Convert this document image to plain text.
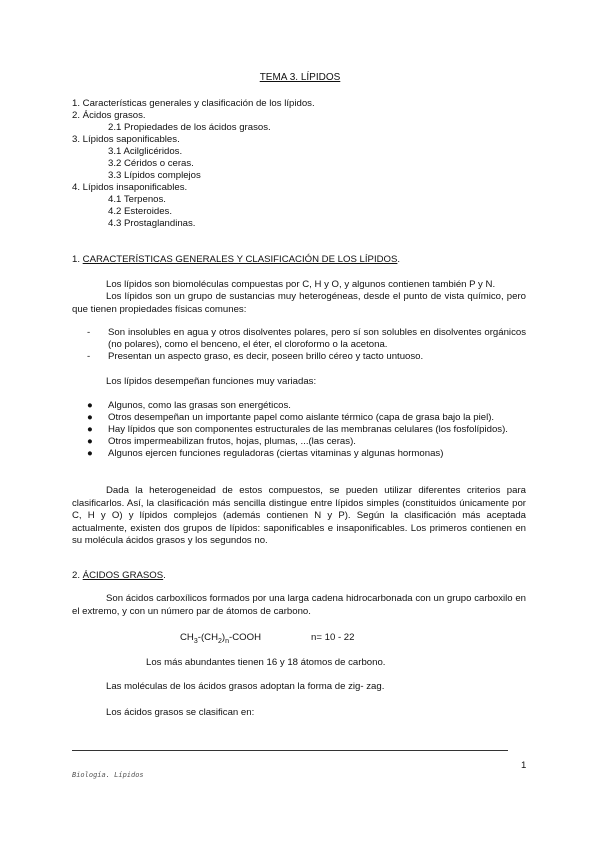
TEMA 3. LÍPIDOS
1. Características generales y clasificación de los lípidos.
2. Ácidos grasos.
2.1 Propiedades de los ácidos grasos.
3. Lípidos saponificables.
3.1 Acilglicéridos.
3.2 Céridos o ceras.
3.3 Lípidos complejos
4. Lípidos insaponificables.
4.1 Terpenos.
4.2 Esteroides.
4.3 Prostaglandinas.
1. CARACTERÍSTICAS GENERALES Y CLASIFICACIÓN DE LOS LÍPIDOS.
Los lípidos son biomoléculas compuestas por C, H y O, y algunos contienen también P y N.
Los lípidos son un grupo de sustancias muy heterogéneas, desde el punto de vista químico, pero que tienen propiedades físicas comunes:
- Son insolubles en agua y otros disolventes polares, pero sí son solubles en disolventes orgánicos (no polares), como el benceno, el éter, el cloroformo o la acetona.
- Presentan un aspecto graso, es decir, poseen brillo céreo y tacto untuoso.
Los lípidos desempeñan funciones muy variadas:
● Algunos, como las grasas son energéticos.
● Otros desempeñan un importante papel como aislante térmico (capa de grasa bajo la piel).
● Hay lípidos que son componentes estructurales de las membranas celulares (los fosfolípidos).
● Otros impermeabilizan frutos, hojas, plumas, ...(las ceras).
● Algunos ejercen funciones reguladoras (ciertas vitaminas y algunas hormonas)
Dada la heterogeneidad de estos compuestos, se pueden utilizar diferentes criterios para clasificarlos. Así, la clasificación más sencilla distingue entre lípidos simples (constituidos únicamente por C, H y O) y lípidos complejos (además contienen N y P). Según la clasificación más aceptada actualmente, existen dos grupos de lípidos: saponificables e insaponificables. Los primeros contienen en su molécula ácidos grasos y los segundos no.
2. ÁCIDOS GRASOS.
Son ácidos carboxílicos formados por una larga cadena hidrocarbonada con un grupo carboxilo en el extremo, y con un número par de átomos de carbono.
$CH_3-(CH_2)_n$-COOH	n= 10 - 22
Los más abundantes tienen 16 y 18 átomos de carbono.
Las moléculas de los ácidos grasos adoptan la forma de zig- zag.
Los ácidos grasos se clasifican en:
1
Biología. Lípidos
